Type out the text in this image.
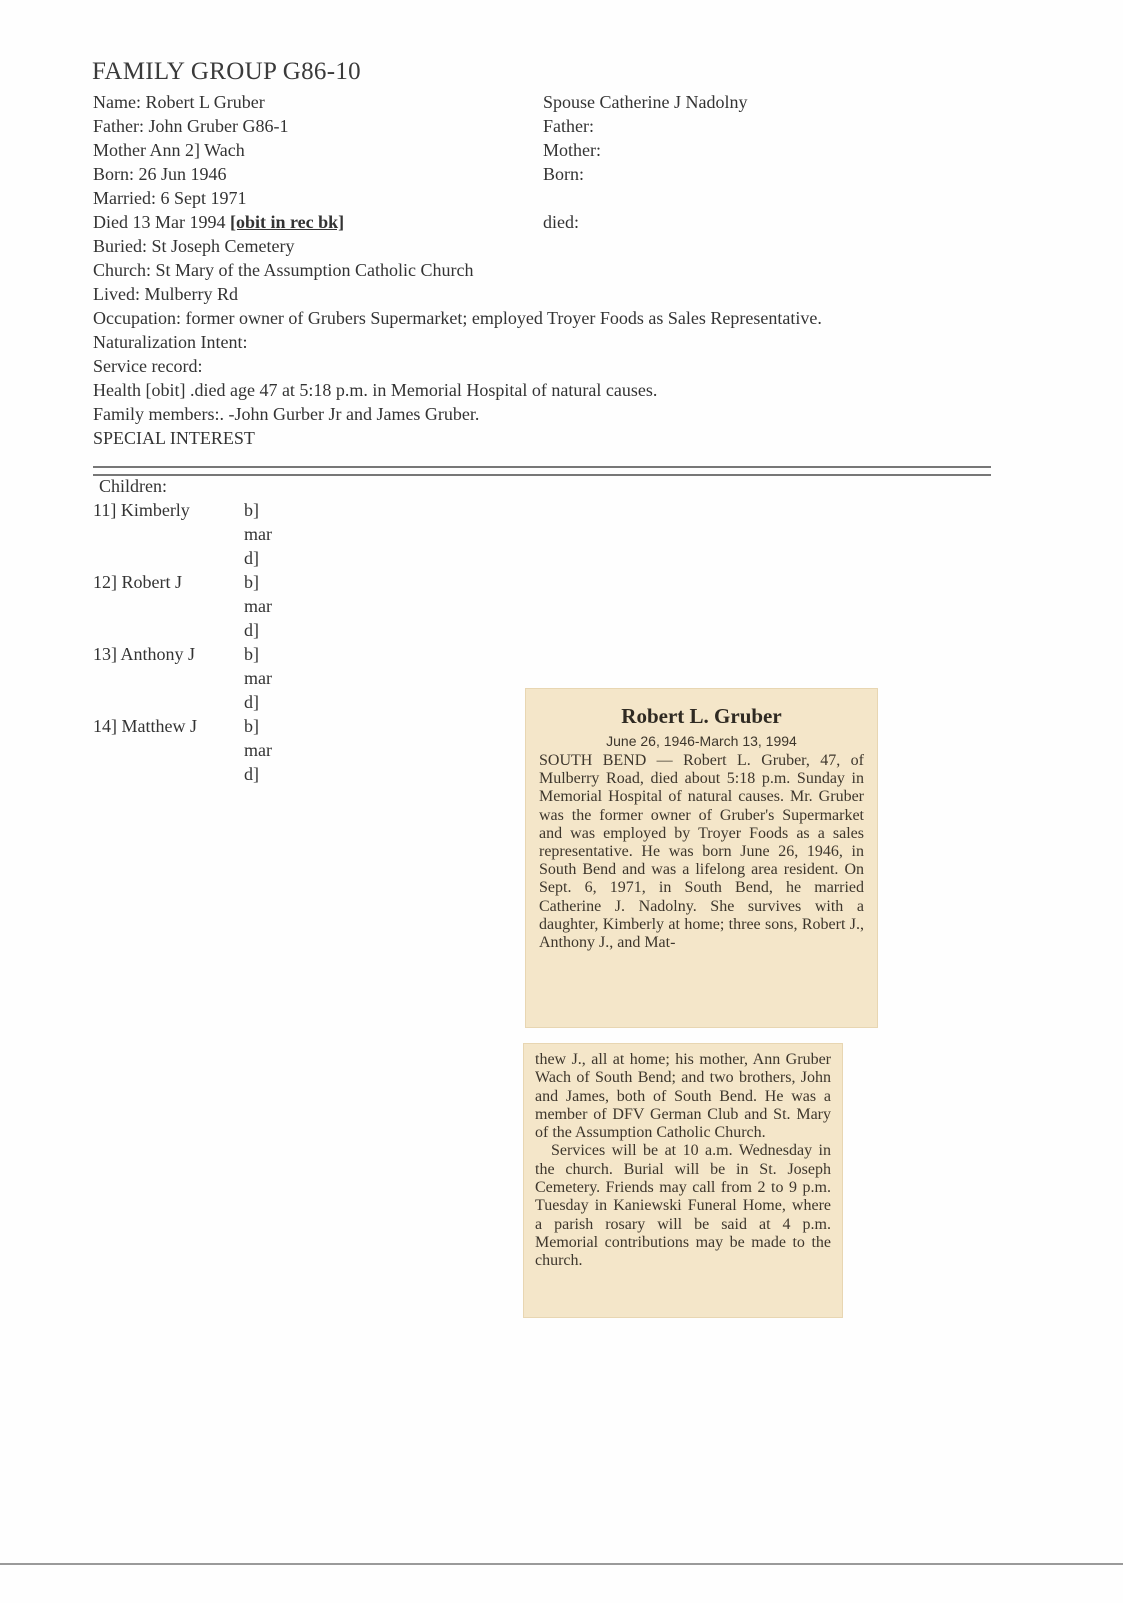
FAMILY GROUP G86-10
Name: Robert L Gruber
Father: John Gruber G86-1
Mother Ann 2] Wach
Born: 26 Jun 1946
Married: 6 Sept 1971
Died 13 Mar 1994 [obit in rec bk]
Buried: St Joseph Cemetery
Church: St Mary of the Assumption Catholic Church
Lived: Mulberry Rd
Occupation: former owner of Grubers Supermarket; employed Troyer Foods as Sales Representative.
Naturalization Intent:
Service record:
Health [obit] .died age 47 at 5:18 p.m. in Memorial Hospital of natural causes.
Family members:. -John Gurber Jr and James Gruber.
SPECIAL INTEREST
Spouse Catherine J Nadolny
Father:
Mother:
Born:
died:
Children:
11] Kimberly	b]
mar
d]
12] Robert J	b]
mar
d]
13] Anthony J	b]
mar
d]
14] Matthew J	b]
mar
d]
Robert L. Gruber
June 26, 1946-March 13, 1994

SOUTH BEND — Robert L. Gruber, 47, of Mulberry Road, died about 5:18 p.m. Sunday in Memorial Hospital of natural causes. Mr. Gruber was the former owner of Gruber's Supermarket and was employed by Troyer Foods as a sales representative. He was born June 26, 1946, in South Bend and was a lifelong area resident. On Sept. 6, 1971, in South Bend, he married Catherine J. Nadolny. She survives with a daughter, Kimberly at home; three sons, Robert J., Anthony J., and Mat-

thew J., all at home; his mother, Ann Gruber Wach of South Bend; and two brothers, John and James, both of South Bend. He was a member of DFV German Club and St. Mary of the Assumption Catholic Church.

Services will be at 10 a.m. Wednesday in the church. Burial will be in St. Joseph Cemetery. Friends may call from 2 to 9 p.m. Tuesday in Kaniewski Funeral Home, where a parish rosary will be said at 4 p.m. Memorial contributions may be made to the church.
